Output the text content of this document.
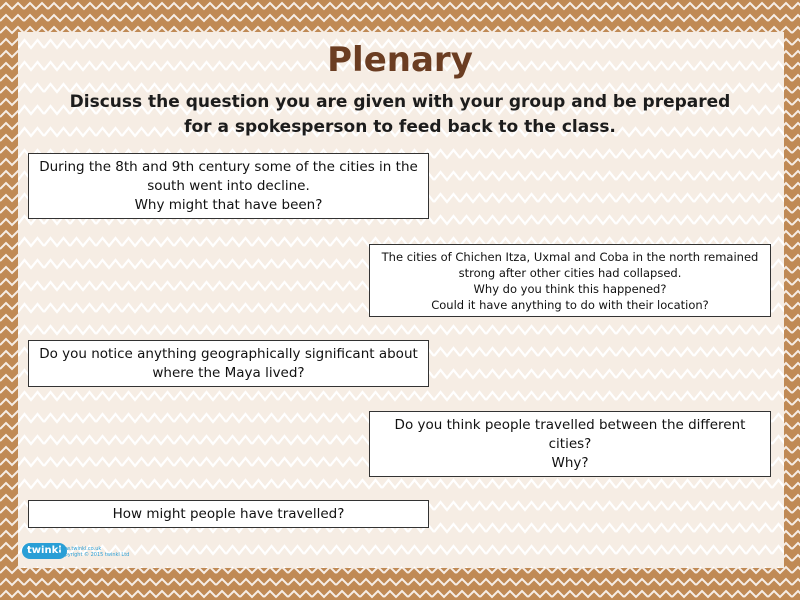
Plenary
Discuss the question you are given with your group and be prepared for a spokesperson to feed back to the class.
During the 8th and 9th century some of the cities in the south went into decline.
Why might that have been?
The cities of Chichen Itza, Uxmal and Coba in the north remained strong after other cities had collapsed.
Why do you think this happened?
Could it have anything to do with their location?
Do you notice anything geographically significant about where the Maya lived?
Do you think people travelled between the different cities?
Why?
How might people have travelled?
twinkl
www.twinkl.co.uk
Copyright © 2015 twinkl Ltd
